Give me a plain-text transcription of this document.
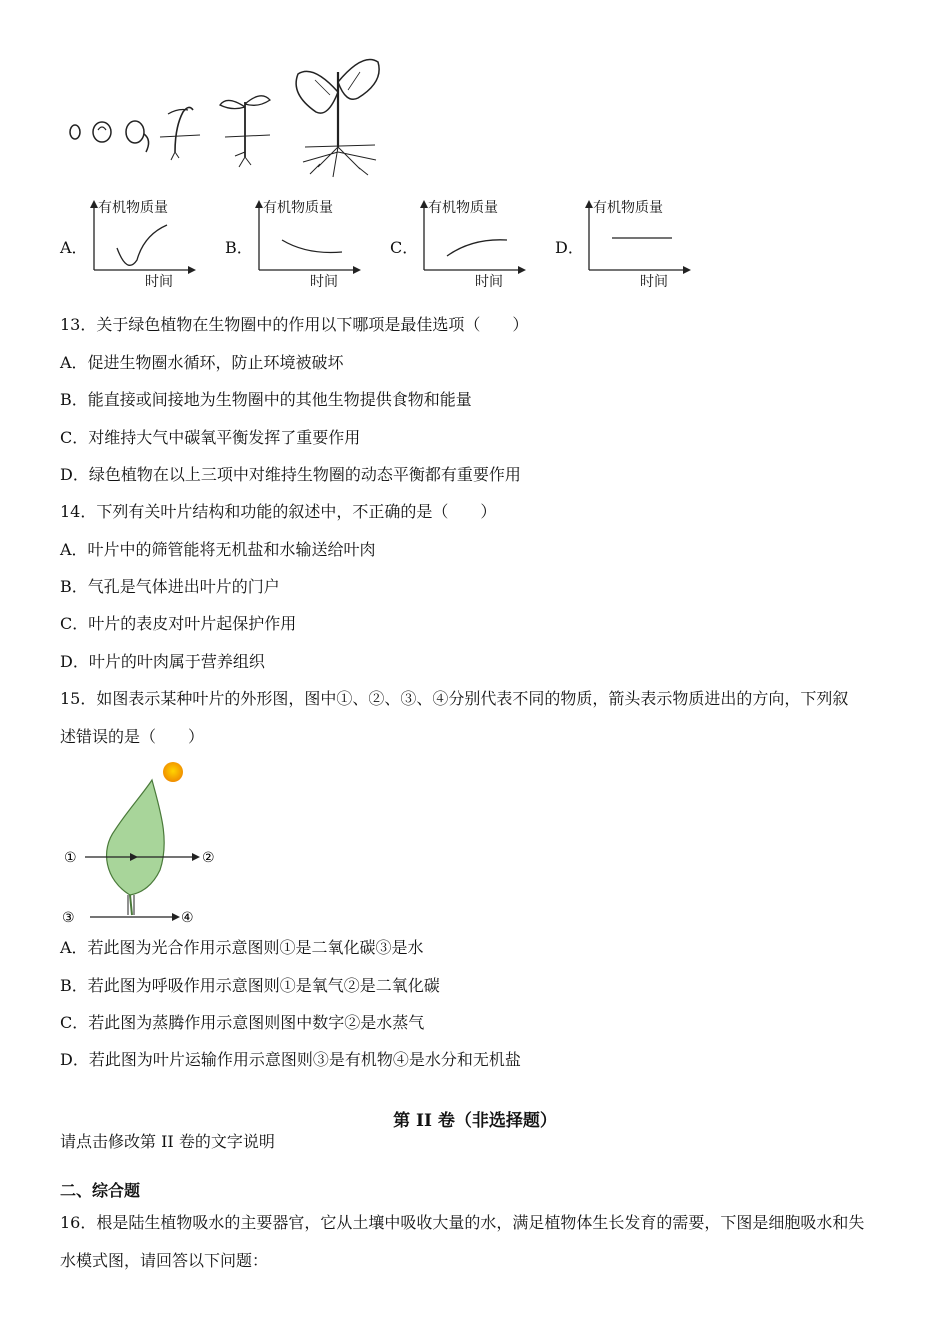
A．
有机物质量
时间
B．
有机物质量
时间
C．
有机物质量
时间
D．
有机物质量
时间
13．关于绿色植物在生物圈中的作用以下哪项是最佳选项（　　）
A．促进生物圈水循环，防止环境被破坏
B．能直接或间接地为生物圈中的其他生物提供食物和能量
C．对维持大气中碳氧平衡发挥了重要作用
D．绿色植物在以上三项中对维持生物圈的动态平衡都有重要作用
14．下列有关叶片结构和功能的叙述中，不正确的是（　　）
A．叶片中的筛管能将无机盐和水输送给叶肉
B．气孔是气体进出叶片的门户
C．叶片的表皮对叶片起保护作用
D．叶片的叶肉属于营养组织
15．如图表示某种叶片的外形图，图中①、②、③、④分别代表不同的物质，箭头表示物质进出的方向，下列叙
述错误的是（　　）
①	②
③	④
A．若此图为光合作用示意图则①是二氧化碳③是水
B．若此图为呼吸作用示意图则①是氧气②是二氧化碳
C．若此图为蒸腾作用示意图则图中数字②是水蒸气
D．若此图为叶片运输作用示意图则③是有机物④是水分和无机盐
第 II 卷（非选择题）
请点击修改第 II 卷的文字说明
二、综合题
16．根是陆生植物吸水的主要器官，它从土壤中吸收大量的水，满足植物体生长发育的需要，下图是细胞吸水和失
水模式图，请回答以下问题：
